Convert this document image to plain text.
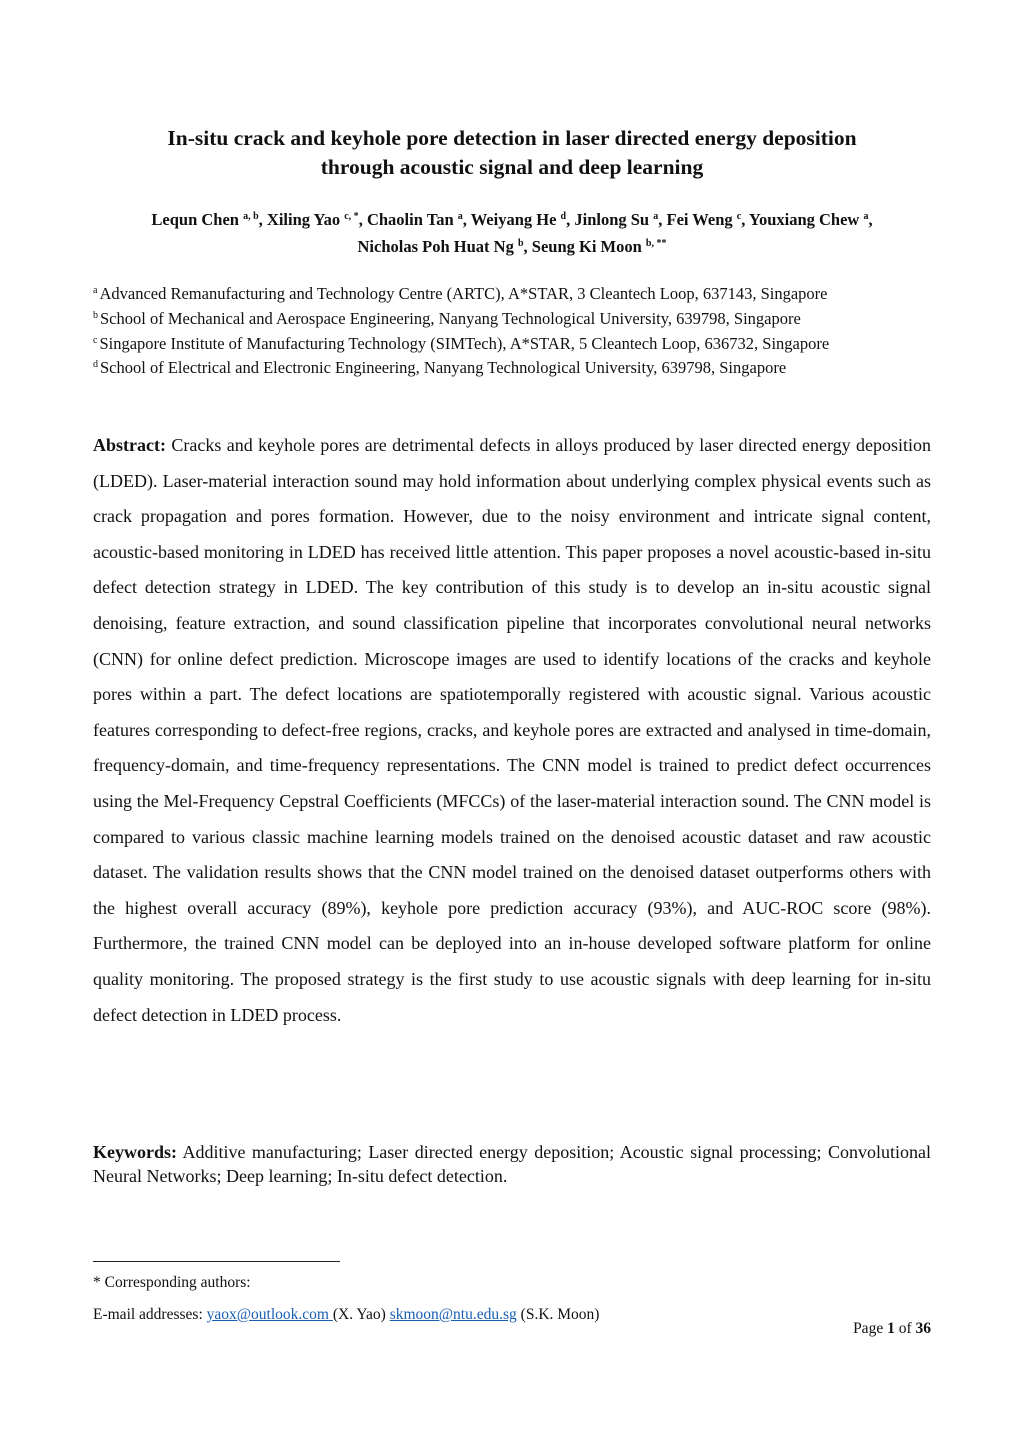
In-situ crack and keyhole pore detection in laser directed energy deposition
through acoustic signal and deep learning
Lequn Chen $^{a, b}$, Xiling Yao $^{c, *}$, Chaolin Tan $^a$, Weiyang He $^d$, Jinlong Su $^a$, Fei Weng $^c$, Youxiang Chew $^a$,
Nicholas Poh Huat Ng $^b$, Seung Ki Moon $^{b, **}$
$^a$ Advanced Remanufacturing and Technology Centre (ARTC), A*STAR, 3 Cleantech Loop, 637143, Singapore
$^b$ School of Mechanical and Aerospace Engineering, Nanyang Technological University, 639798, Singapore
$^c$ Singapore Institute of Manufacturing Technology (SIMTech), A*STAR, 5 Cleantech Loop, 636732, Singapore
$^d$ School of Electrical and Electronic Engineering, Nanyang Technological University, 639798, Singapore

Abstract: Cracks and keyhole pores are detrimental defects in alloys produced by laser directed energy deposition (LDED). Laser-material interaction sound may hold information about underlying complex physical events such as crack propagation and pores formation. However, due to the noisy environment and intricate signal content, acoustic-based monitoring in LDED has received little attention. This paper proposes a novel acoustic-based in-situ defect detection strategy in LDED. The key contribution of this study is to develop an in-situ acoustic signal denoising, feature extraction, and sound classification pipeline that incorporates convolutional neural networks (CNN) for online defect prediction. Microscope images are used to identify locations of the cracks and keyhole pores within a part. The defect locations are spatiotemporally registered with acoustic signal. Various acoustic features corresponding to defect-free regions, cracks, and keyhole pores are extracted and analysed in time-domain, frequency-domain, and time-frequency representations. The CNN model is trained to predict defect occurrences using the Mel-Frequency Cepstral Coefficients (MFCCs) of the laser-material interaction sound. The CNN model is compared to various classic machine learning models trained on the denoised acoustic dataset and raw acoustic dataset. The validation results shows that the CNN model trained on the denoised dataset outperforms others with the highest overall accuracy (89%), keyhole pore prediction accuracy (93%), and AUC-ROC score (98%). Furthermore, the trained CNN model can be deployed into an in-house developed software platform for online quality monitoring. The proposed strategy is the first study to use acoustic signals with deep learning for in-situ defect detection in LDED process.

Keywords: Additive manufacturing; Laser directed energy deposition; Acoustic signal processing; Convolutional Neural Networks; Deep learning; In-situ defect detection.

* Corresponding authors:
E-mail addresses: yaox@outlook.com (X. Yao) skmoon@ntu.edu.sg (S.K. Moon)
Page 1 of 36
